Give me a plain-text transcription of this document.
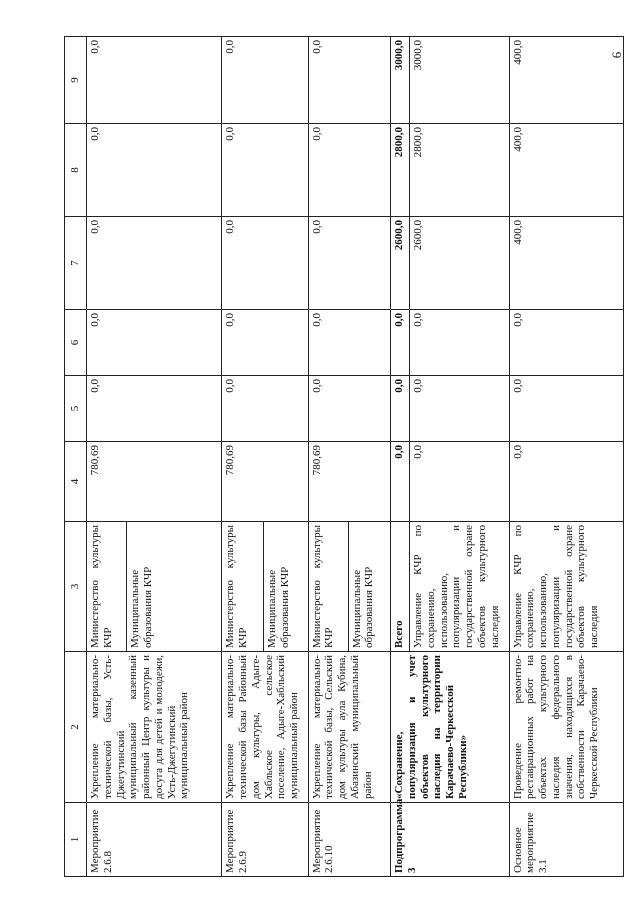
6
1	2	3	4	5	6	7	8	9
Мероприятие 2.6.8	Укрепление материально-технической базы, Усть-Джегутинский муниципальный казенный районный Центр культуры и досуга для детей и молодежи, Усть-Джегутинский муниципальный район	Министерство культуры КЧР	780,69	0,0	0,0	0,0	0,0	0,0
		Муниципальные образования КЧР						
Мероприятие 2.6.9	Укрепление материально-технической базы Районный дом культуры, Адыге-Хабльское сельское поселение, Адыге-Хабльский муниципальный район	Министерство культуры КЧР	780,69	0,0	0,0	0,0	0,0	0,0
		Муниципальные образования КЧР						
Мероприятие 2.6.10	Укрепление материально-технической базы, Сельский дом культуры аула Кубина, Абазинский муниципальный район	Министерство культуры КЧР	780,69	0,0	0,0	0,0	0,0	0,0
		Муниципальные образования КЧР						
Подпрограмма 3	«Сохранение, популяризация и учет объектов культурного наследия на территории Карачаево-Черкесской Республики»	Всего	0,0	0,0	0,0	2600,0	2800,0	3000,0
		Управление КЧР по сохранению, использованию, популяризации и государственной охране объектов культурного наследия	0,0	0,0	0,0	2600,0	2800,0	3000,0
Основное мероприятие 3.1	Проведение ремонтно-реставрационных работ на объектах культурного наследия федерального значения, находящихся в собственности Карачаево-Черкесской Республики	Управление КЧР по сохранению, использованию, популяризации и государственной охране объектов культурного наследия	0,0	0,0	0,0	400,0	400,0	400,0
